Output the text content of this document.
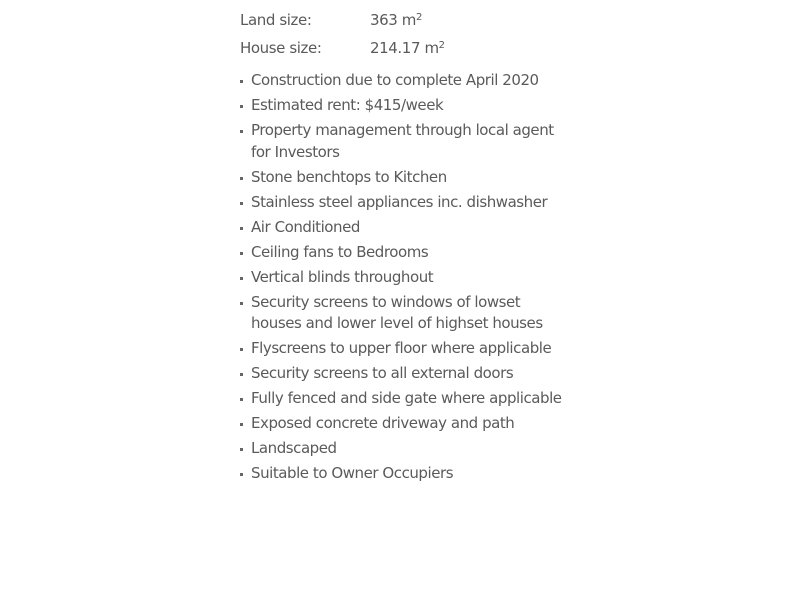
Land size:	363 $m^2$
House size:	214.17 $m^2$
Construction due to complete April 2020
Estimated rent: $415/week
Property management through local agent for Investors
Stone benchtops to Kitchen
Stainless steel appliances inc. dishwasher
Air Conditioned
Ceiling fans to Bedrooms
Vertical blinds throughout
Security screens to windows of lowset houses and lower level of highset houses
Flyscreens to upper floor where applicable
Security screens to all external doors
Fully fenced and side gate where applicable
Exposed concrete driveway and path
Landscaped
Suitable to Owner Occupiers
